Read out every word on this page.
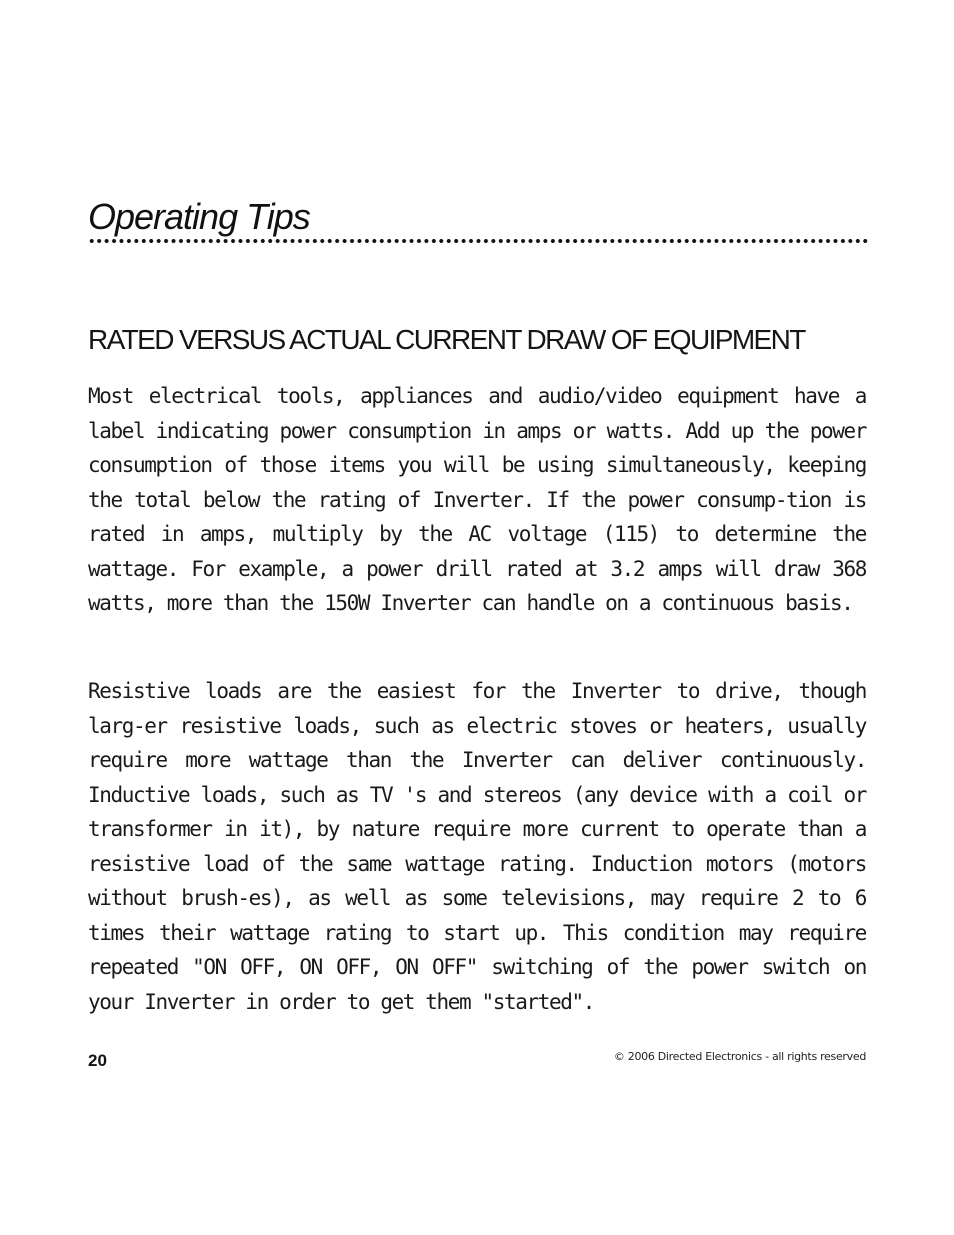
Operating Tips
RATED VERSUS ACTUAL CURRENT DRAW OF EQUIPMENT

Most electrical tools, appliances and audio/video equipment have a label indicating power consumption in amps or watts. Add up the power consumption of those items you will be using simultaneously, keeping the total below the rating of Inverter. If the power consump-tion is rated in amps, multiply by the AC voltage (115) to determine the wattage. For example, a power drill rated at 3.2 amps will draw 368 watts, more than the 150W Inverter can handle on a continuous basis.

Resistive loads are the easiest for the Inverter to drive, though larg-er resistive loads, such as electric stoves or heaters, usually require more wattage than the Inverter can deliver continuously. Inductive loads, such as TV 's and stereos (any device with a coil or transformer in it), by nature require more current to operate than a resistive load of the same wattage rating. Induction motors (motors without brush-es), as well as some televisions, may require 2 to 6 times their wattage rating to start up. This condition may require repeated "ON OFF, ON OFF, ON OFF" switching of the power switch on your Inverter in order to get them "started".

20	© 2006 Directed Electronics - all rights reserved
